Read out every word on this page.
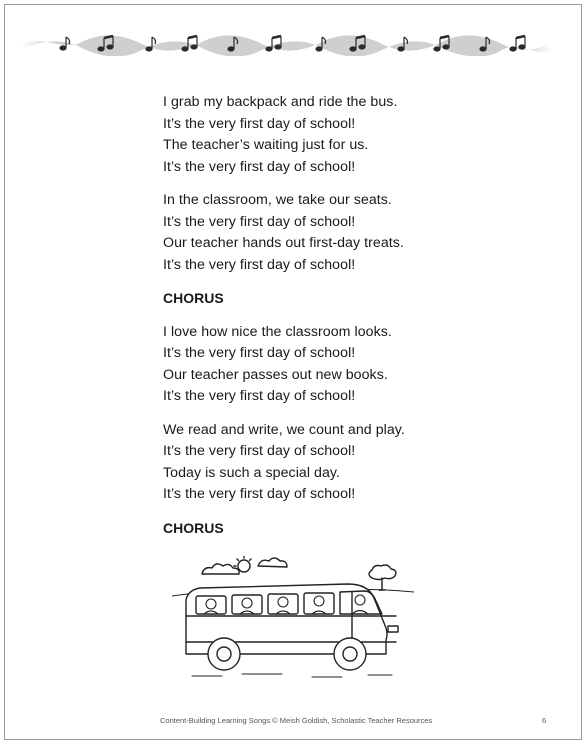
I grab my backpack and ride the bus.
It’s the very first day of school!
The teacher’s waiting just for us.
It’s the very first day of school!
In the classroom, we take our seats.
It’s the very first day of school!
Our teacher hands out first-day treats.
It’s the very first day of school!
CHORUS
I love how nice the classroom looks.
It’s the very first day of school!
Our teacher passes out new books.
It’s the very first day of school!
We read and write, we count and play.
It’s the very first day of school!
Today is such a special day.
It’s the very first day of school!
CHORUS
Content-Building Learning Songs © Meish Goldish, Scholastic Teacher Resources	6
